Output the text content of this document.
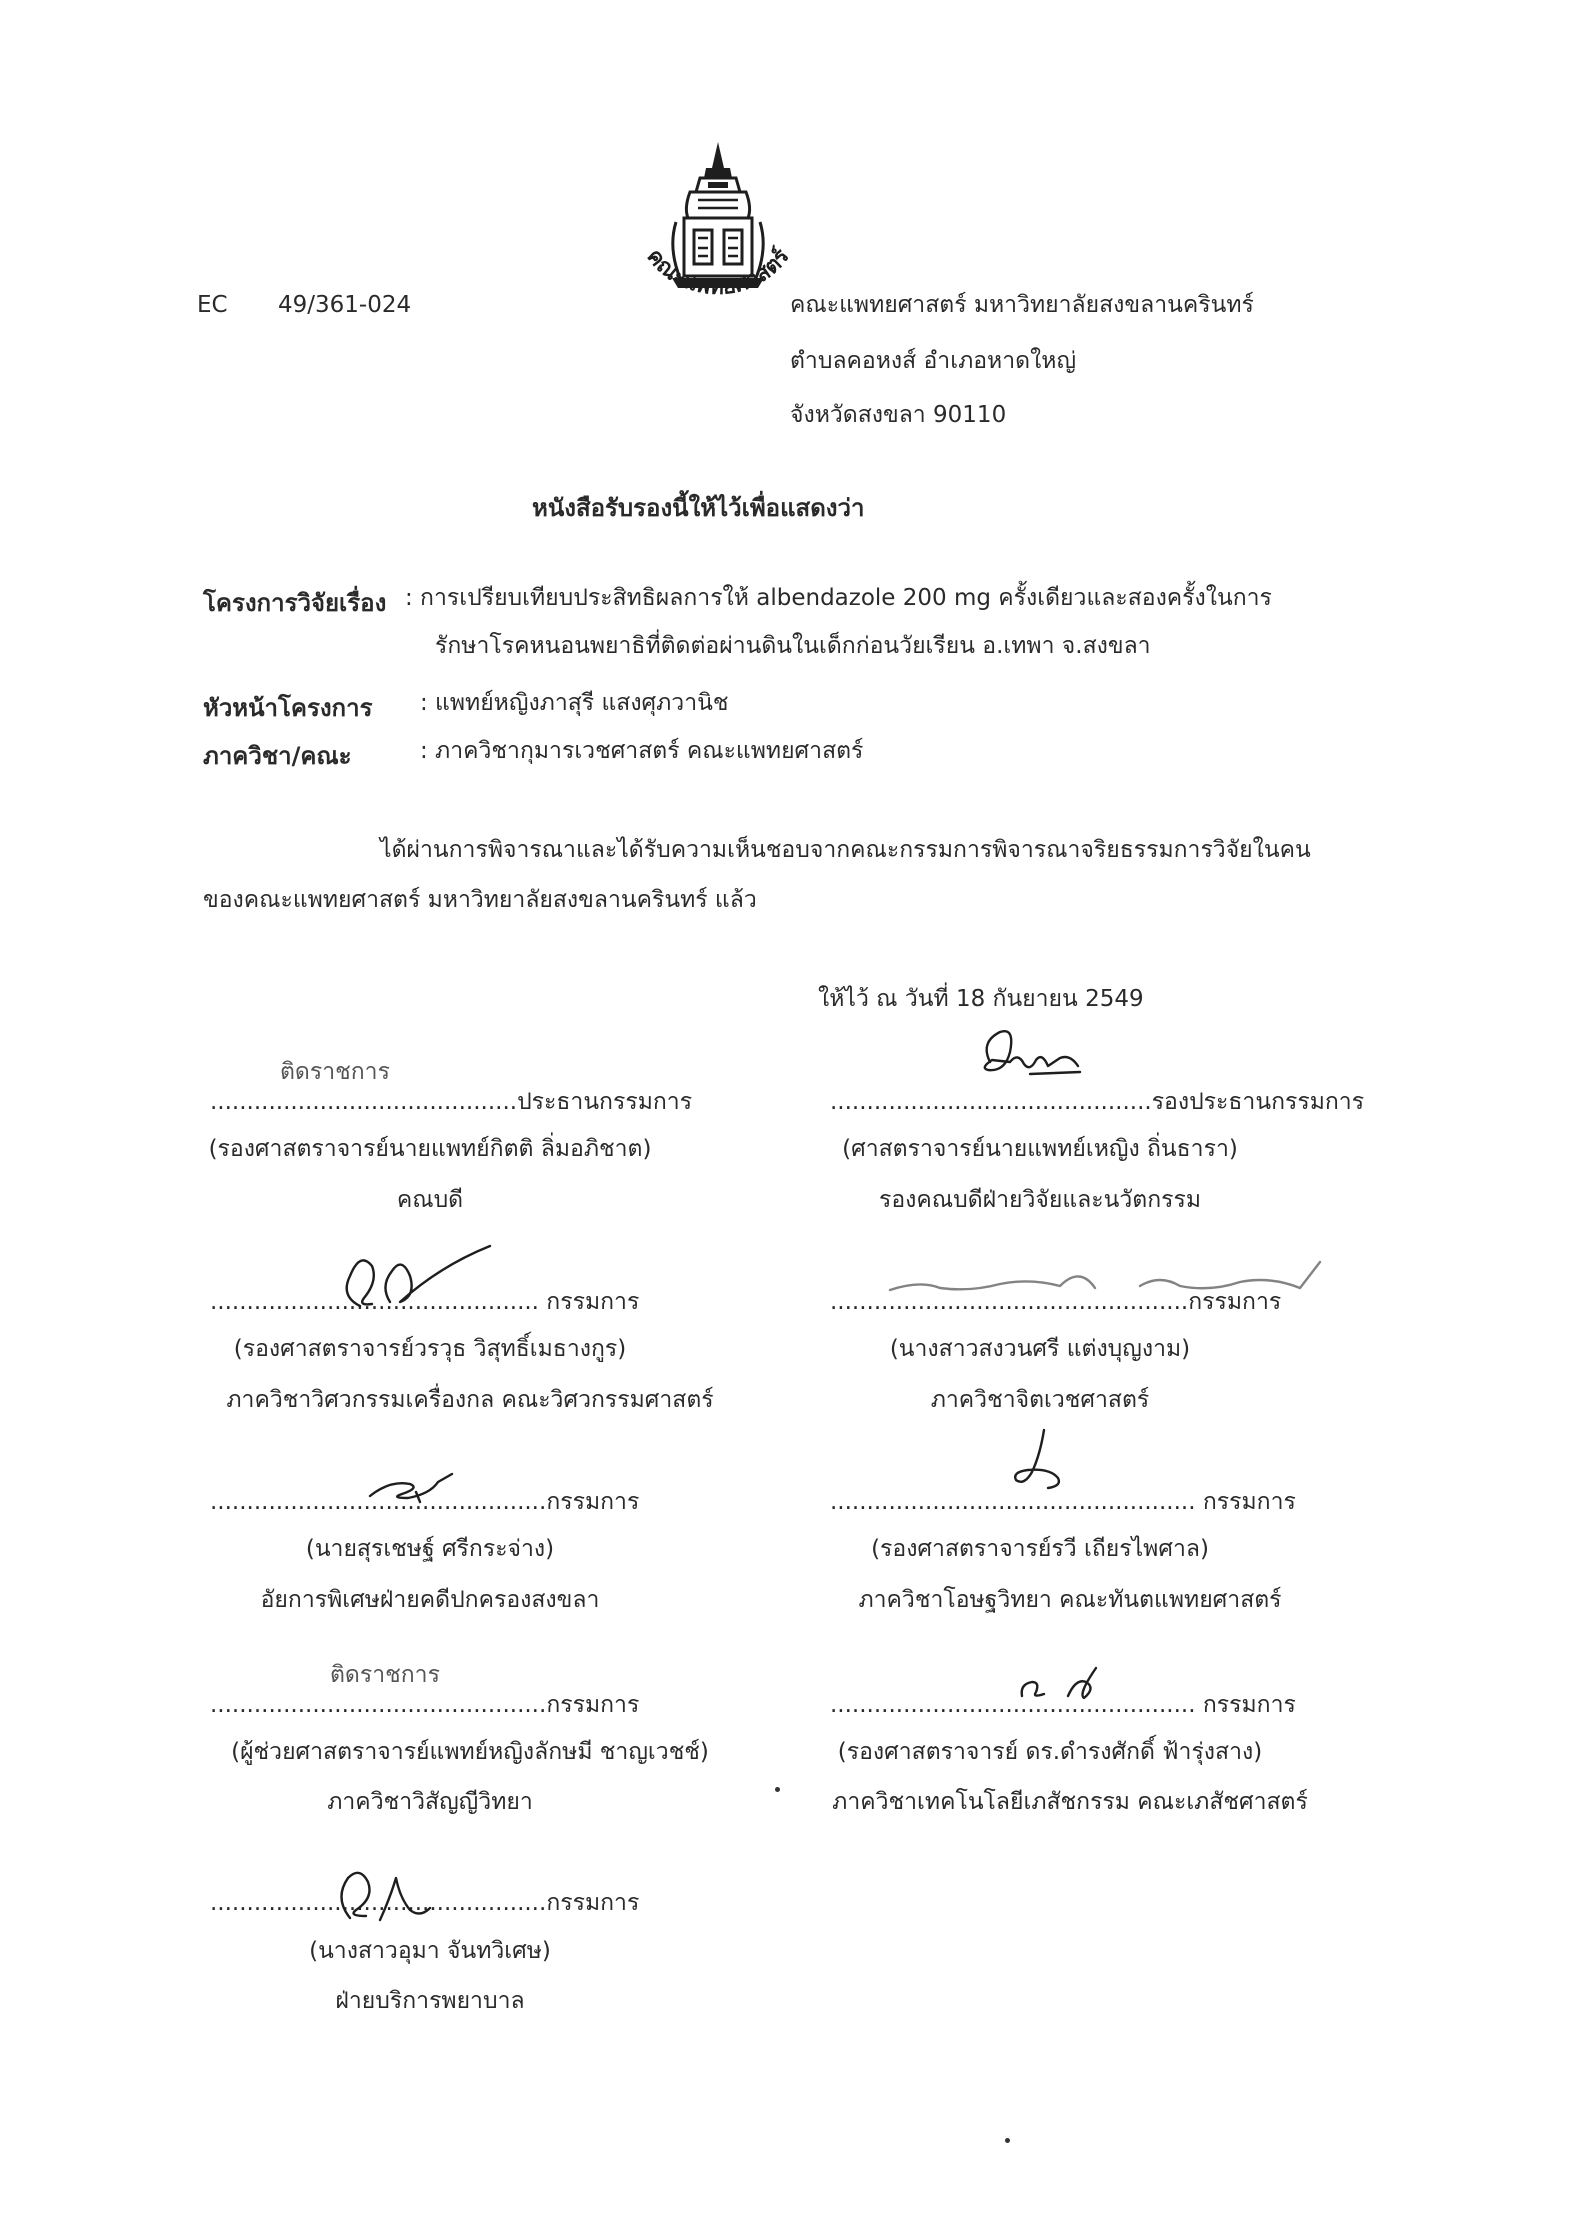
EC 49/361-024
คณะแพทยศาสตร์
คณะแพทยศาสตร์ มหาวิทยาลัยสงขลานครินทร์
ตำบลคอหงส์ อำเภอหาดใหญ่
จังหวัดสงขลา 90110
หนังสือรับรองนี้ให้ไว้เพื่อแสดงว่า
โครงการวิจัยเรื่อง : การเปรียบเทียบประสิทธิผลการให้ albendazole 200 mg ครั้งเดียวและสองครั้งในการ
รักษาโรคหนอนพยาธิที่ติดต่อผ่านดินในเด็กก่อนวัยเรียน อ.เทพา จ.สงขลา
หัวหน้าโครงการ : แพทย์หญิงภาสุรี แสงศุภวานิช
ภาควิชา/คณะ	: ภาควิชากุมารเวชศาสตร์ คณะแพทยศาสตร์
ได้ผ่านการพิจารณาและได้รับความเห็นชอบจากคณะกรรมการพิจารณาจริยธรรมการวิจัยในคน
ของคณะแพทยศาสตร์ มหาวิทยาลัยสงขลานครินทร์ แล้ว
ให้ไว้ ณ วันที่ 18 กันยายน 2549
ติดราชการ
..........................................ประธานกรรมการ
(รองศาสตราจารย์นายแพทย์กิตติ ลิ่มอภิชาต)
คณบดี
............................................รองประธานกรรมการ
(ศาสตราจารย์นายแพทย์เหญิง ถิ่นธารา)
รองคณบดีฝ่ายวิจัยและนวัตกรรม
............................................. กรรมการ
(รองศาสตราจารย์วรวุธ วิสุทธิ์เมธางกูร)
ภาควิชาวิศวกรรมเครื่องกล คณะวิศวกรรมศาสตร์
.................................................กรรมการ
(นางสาวสงวนศรี แต่งบุญงาม)
ภาควิชาจิตเวชศาสตร์
..............................................กรรมการ
(นายสุรเชษฐ์ ศรีกระจ่าง)
อัยการพิเศษฝ่ายคดีปกครองสงขลา
.................................................. กรรมการ
(รองศาสตราจารย์รวี เถียรไพศาล)
ภาควิชาโอษฐวิทยา คณะทันตแพทยศาสตร์
ติดราชการ
..............................................กรรมการ
(ผู้ช่วยศาสตราจารย์แพทย์หญิงลักษมี ชาญเวชช์)
ภาควิชาวิสัญญีวิทยา
.................................................. กรรมการ
(รองศาสตราจารย์ ดร.ดำรงศักดิ์ ฟ้ารุ่งสาง)
ภาควิชาเทคโนโลยีเภสัชกรรม คณะเภสัชศาสตร์
..............................................กรรมการ
(นางสาวอุมา จันทวิเศษ)
ฝ่ายบริการพยาบาล
